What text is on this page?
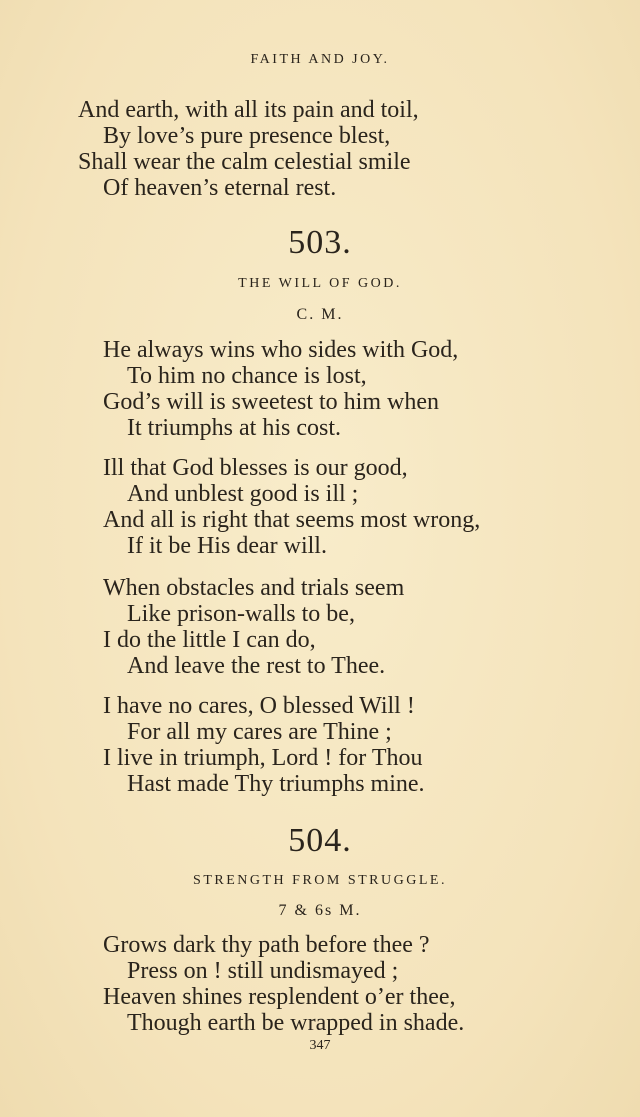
FAITH AND JOY.
And earth, with all its pain and toil,
By love’s pure presence blest,
Shall wear the calm celestial smile
Of heaven’s eternal rest.
503.
THE WILL OF GOD.
C. M.
He always wins who sides with God,
To him no chance is lost,
God’s will is sweetest to him when
It triumphs at his cost.
Ill that God blesses is our good,
And unblest good is ill ;
And all is right that seems most wrong,
If it be His dear will.
When obstacles and trials seem
Like prison-walls to be,
I do the little I can do,
And leave the rest to Thee.
I have no cares, O blessed Will !
For all my cares are Thine ;
I live in triumph, Lord ! for Thou
Hast made Thy triumphs mine.
504.
STRENGTH FROM STRUGGLE.
7 & 6s M.
Grows dark thy path before thee ?
Press on ! still undismayed ;
Heaven shines resplendent o’er thee,
Though earth be wrapped in shade.
347
